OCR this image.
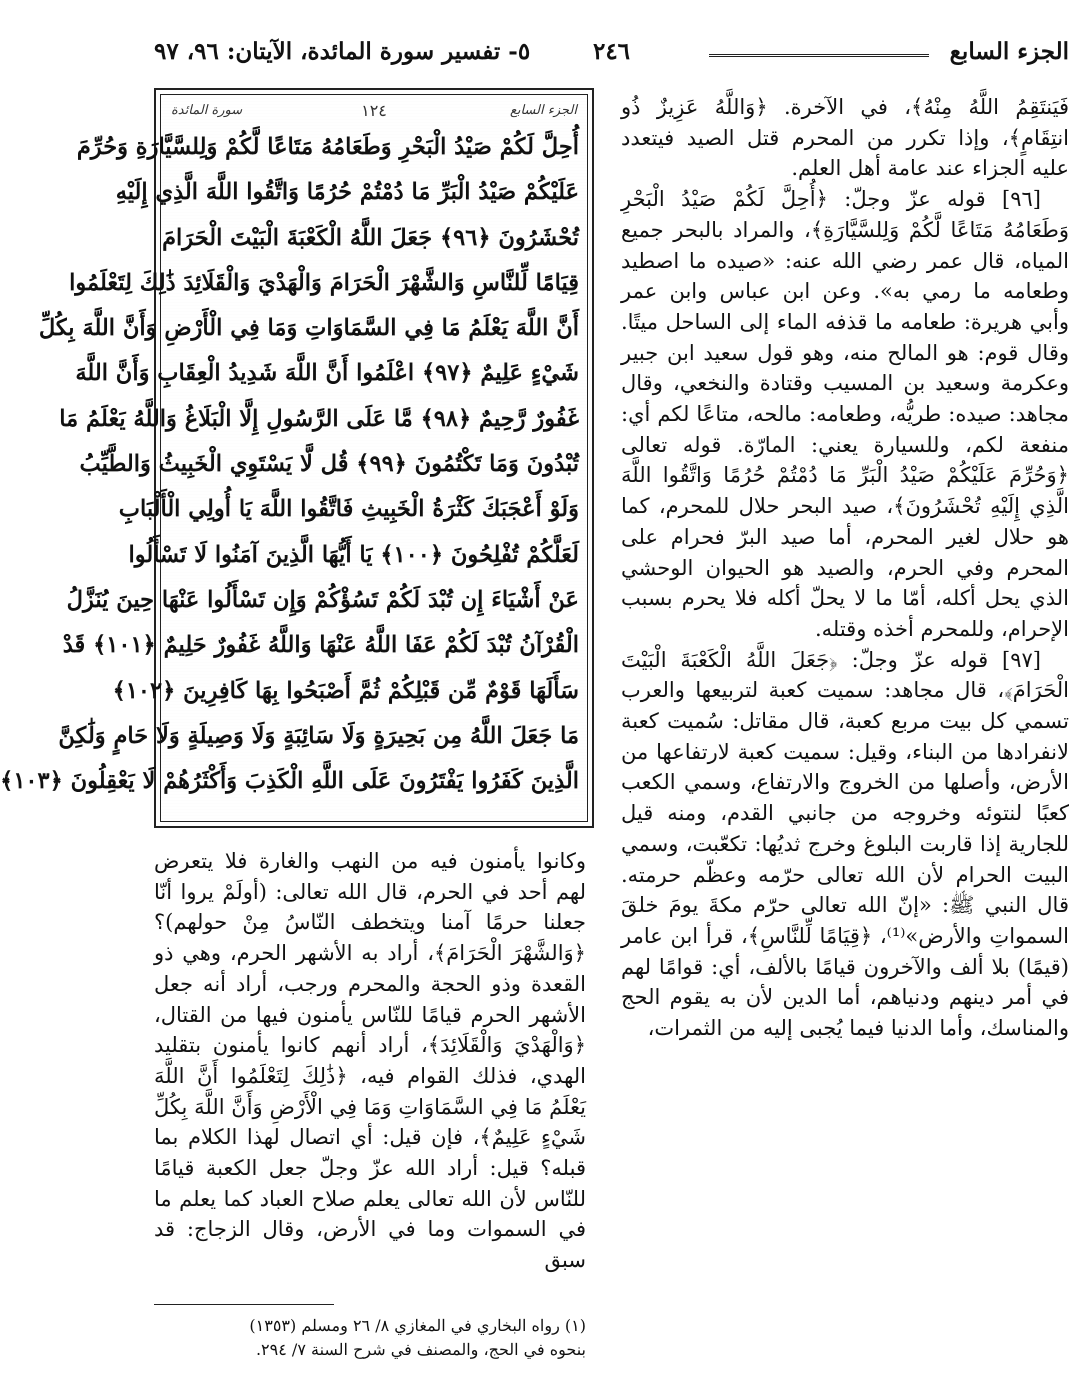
الجزء السابع
٢٤٦
٥- تفسير سورة المائدة، الآيتان: ٩٦، ٩٧

فَيَنتَقِمُ اللَّهُ مِنْهُ﴾، في الآخرة. ﴿وَاللَّهُ عَزِيزٌ ذُو انتِقَامٍ﴾، وإذا تكرر من المحرم قتل الصيد فيتعدد عليه الجزاء عند عامة أهل العلم.

[٩٦] قوله عزّ وجلّ: ﴿أُحِلَّ لَكُمْ صَيْدُ الْبَحْرِ وَطَعَامُهُ مَتَاعًا لَّكُمْ وَلِلسَّيَّارَةِ﴾، والمراد بالبحر جميع المياه، قال عمر رضي الله عنه: «صيده ما اصطيد وطعامه ما رمي به». وعن ابن عباس وابن عمر وأبي هريرة: طعامه ما قذفه الماء إلى الساحل ميتًا. وقال قوم: هو المالح منه، وهو قول سعيد ابن جبير وعكرمة وسعيد بن المسيب وقتادة والنخعي، وقال مجاهد: صيده: طريُّه، وطعامه: مالحه، متاعًا لكم أي: منفعة لكم، وللسيارة يعني: المارّة. قوله تعالى ﴿وَحُرِّمَ عَلَيْكُمْ صَيْدُ الْبَرِّ مَا دُمْتُمْ حُرُمًا وَاتَّقُوا اللَّهَ الَّذِي إِلَيْهِ تُحْشَرُونَ﴾، صيد البحر حلال للمحرم، كما هو حلال لغير المحرم، أما صيد البرّ فحرام على المحرم وفي الحرم، والصيد هو الحيوان الوحشي الذي يحل أكله، أمّا ما لا يحلّ أكله فلا يحرم بسبب الإحرام، وللمحرم أخذه وقتله.

[٩٧] قوله عزّ وجلّ: ﴿جَعَلَ اللَّهُ الْكَعْبَةَ الْبَيْتَ الْحَرَامَ﴾، قال مجاهد: سميت كعبة لتربيعها والعرب تسمي كل بيت مربع كعبة، قال مقاتل: سُميت كعبة لانفرادها من البناء، وقيل: سميت كعبة لارتفاعها من الأرض، وأصلها من الخروج والارتفاع، وسمي الكعب كعبًا لنتوئه وخروجه من جانبي القدم، ومنه قيل للجارية إذا قاربت البلوغ وخرج ثديُها: تكعّبت، وسمي البيت الحرام لأن الله تعالى حرّمه وعظّم حرمته. قال النبي ﷺ: «إنّ الله تعالى حرّم مكةَ يومَ خلقَ السمواتِ والأرض»⁽¹⁾، ﴿قِيَامًا لِّلنَّاسِ﴾، قرأ ابن عامر (قيمًا) بلا ألف والآخرون قيامًا بالألف، أي: قوامًا لهم في أمر دينهم ودنياهم، أما الدين لأن به يقوم الحج والمناسك، وأما الدنيا فيما يُجبى إليه من الثمرات،

الجزء السابع
١٢٤
سورة المائدة
أُحِلَّ لَكُمْ صَيْدُ الْبَحْرِ وَطَعَامُهُ مَتَاعًا لَّكُمْ وَلِلسَّيَّارَةِ وَحُرِّمَ
عَلَيْكُمْ صَيْدُ الْبَرِّ مَا دُمْتُمْ حُرُمًا وَاتَّقُوا اللَّهَ الَّذِي إِلَيْهِ
تُحْشَرُونَ ﴿٩٦﴾ جَعَلَ اللَّهُ الْكَعْبَةَ الْبَيْتَ الْحَرَامَ
قِيَامًا لِّلنَّاسِ وَالشَّهْرَ الْحَرَامَ وَالْهَدْيَ وَالْقَلَائِدَ ذَٰلِكَ لِتَعْلَمُوا
أَنَّ اللَّهَ يَعْلَمُ مَا فِي السَّمَاوَاتِ وَمَا فِي الْأَرْضِ وَأَنَّ اللَّهَ بِكُلِّ
شَيْءٍ عَلِيمٌ ﴿٩٧﴾ اعْلَمُوا أَنَّ اللَّهَ شَدِيدُ الْعِقَابِ وَأَنَّ اللَّهَ
غَفُورٌ رَّحِيمٌ ﴿٩٨﴾ مَّا عَلَى الرَّسُولِ إِلَّا الْبَلَاغُ وَاللَّهُ يَعْلَمُ مَا
تُبْدُونَ وَمَا تَكْتُمُونَ ﴿٩٩﴾ قُل لَّا يَسْتَوِي الْخَبِيثُ وَالطَّيِّبُ
وَلَوْ أَعْجَبَكَ كَثْرَةُ الْخَبِيثِ فَاتَّقُوا اللَّهَ يَا أُولِي الْأَلْبَابِ
لَعَلَّكُمْ تُفْلِحُونَ ﴿١٠٠﴾ يَا أَيُّهَا الَّذِينَ آمَنُوا لَا تَسْأَلُوا
عَنْ أَشْيَاءَ إِن تُبْدَ لَكُمْ تَسُؤْكُمْ وَإِن تَسْأَلُوا عَنْهَا حِينَ يُنَزَّلُ
الْقُرْآنُ تُبْدَ لَكُمْ عَفَا اللَّهُ عَنْهَا وَاللَّهُ غَفُورٌ حَلِيمٌ ﴿١٠١﴾ قَدْ
سَأَلَهَا قَوْمٌ مِّن قَبْلِكُمْ ثُمَّ أَصْبَحُوا بِهَا كَافِرِينَ ﴿١٠٢﴾
مَا جَعَلَ اللَّهُ مِن بَحِيرَةٍ وَلَا سَائِبَةٍ وَلَا وَصِيلَةٍ وَلَا حَامٍ وَلَٰكِنَّ
الَّذِينَ كَفَرُوا يَفْتَرُونَ عَلَى اللَّهِ الْكَذِبَ وَأَكْثَرُهُمْ لَا يَعْقِلُونَ ﴿١٠٣﴾

وكانوا يأمنون فيه من النهب والغارة فلا يتعرض لهم أحد في الحرم، قال الله تعالى: (أولَمْ يروا أنّا جعلنا حرمًا آمنا ويتخطف النّاسُ مِنْ حولهم)؟ ﴿وَالشَّهْرَ الْحَرَامَ﴾، أراد به الأشهر الحرم، وهي ذو القعدة وذو الحجة والمحرم ورجب، أراد أنه جعل الأشهر الحرم قيامًا للنّاس يأمنون فيها من القتال، ﴿وَالْهَدْيَ وَالْقَلَائِدَ﴾، أراد أنهم كانوا يأمنون بتقليد الهدي، فذلك القوام فيه، ﴿ذَٰلِكَ لِتَعْلَمُوا أَنَّ اللَّهَ يَعْلَمُ مَا فِي السَّمَاوَاتِ وَمَا فِي الْأَرْضِ وَأَنَّ اللَّهَ بِكُلِّ شَيْءٍ عَلِيمٌ﴾، فإن قيل: أي اتصال لهذا الكلام بما قبله؟ قيل: أراد الله عزّ وجلّ جعل الكعبة قيامًا للنّاس لأن الله تعالى يعلم صلاح العباد كما يعلم ما في السموات وما في الأرض، وقال الزجاج: قد سبق

(١) رواه البخاري في المغازي ٨/ ٢٦ ومسلم (١٣٥٣)
بنحوه في الحج، والمصنف في شرح السنة ٧/ ٢٩٤.
